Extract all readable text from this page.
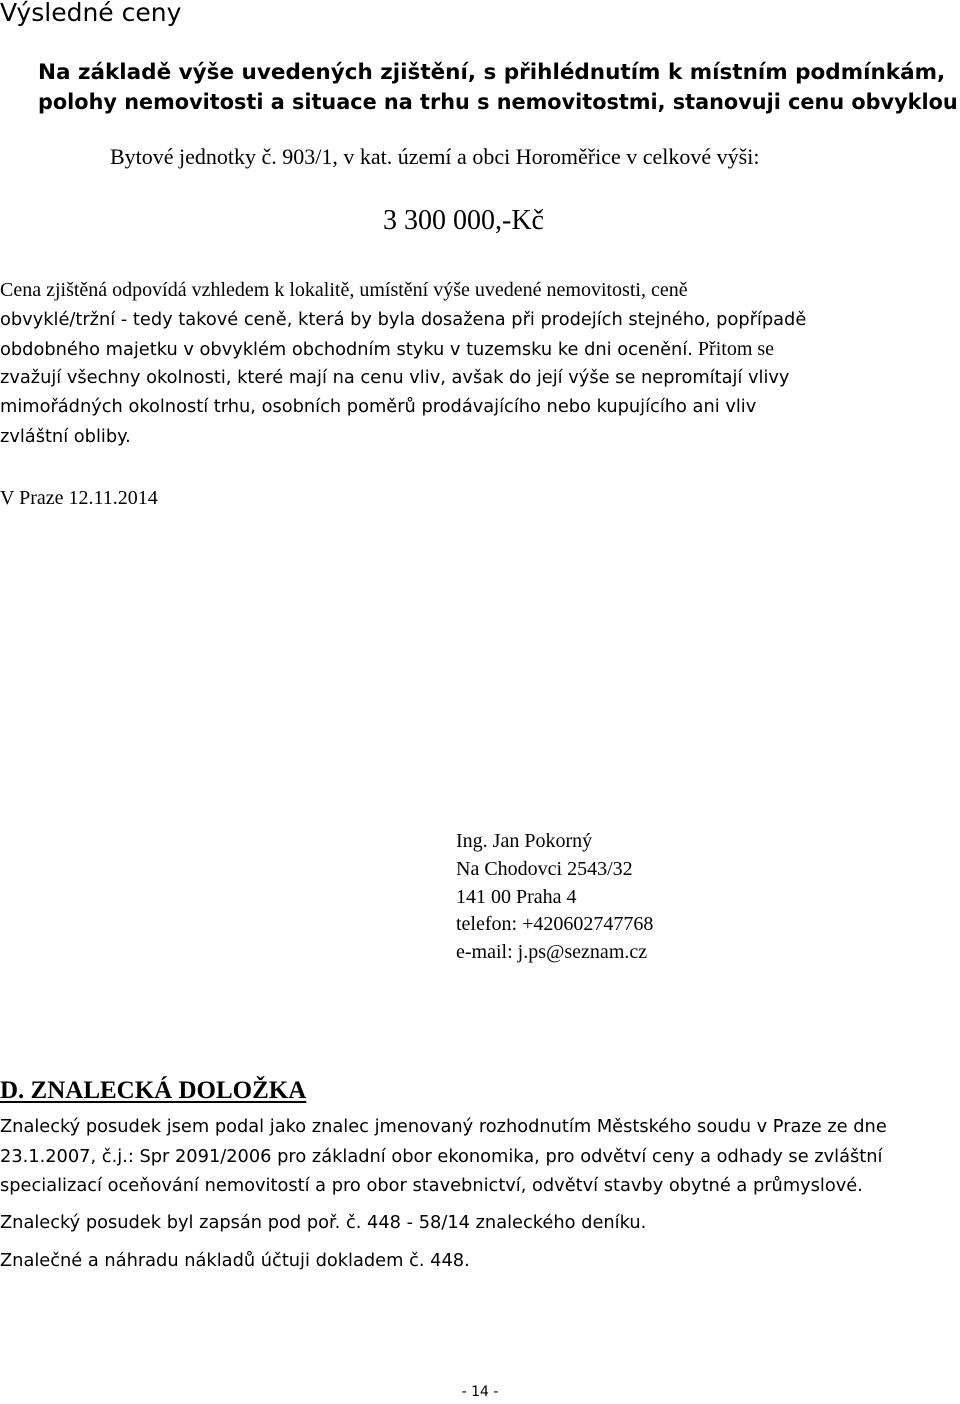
Výsledné ceny
Na základě výše uvedených zjištění, s přihlédnutím k místním podmínkám,
polohy nemovitosti a situace na trhu s nemovitostmi, stanovuji cenu obvyklou
Bytové jednotky č. 903/1, v kat. území a obci Horoměřice v celkové výši:
3 300 000,-Kč
Cena zjištěná odpovídá vzhledem k lokalitě, umístění výše uvedené nemovitosti, ceně
obvyklé/tržní - tedy takové ceně, která by byla dosažena při prodejích stejného, popřípadě
obdobného majetku v obvyklém obchodním styku v tuzemsku ke dni ocenění. Přitom se
zvažují všechny okolnosti, které mají na cenu vliv, avšak do její výše se nepromítají vlivy
mimořádných okolností trhu, osobních poměrů prodávajícího nebo kupujícího ani vliv
zvláštní obliby.
V Praze 12.11.2014
Ing. Jan Pokorný
Na Chodovci 2543/32
141 00 Praha 4
telefon: +420602747768
e-mail: j.ps@seznam.cz
D. ZNALECKÁ DOLOŽKA
Znalecký posudek jsem podal jako znalec jmenovaný rozhodnutím Městského soudu v Praze ze dne
23.1.2007, č.j.: Spr 2091/2006 pro základní obor ekonomika, pro odvětví ceny a odhady se zvláštní
specializací oceňování nemovitostí a pro obor stavebnictví, odvětví stavby obytné a průmyslové.
Znalecký posudek byl zapsán pod poř. č. 448 - 58/14 znaleckého deníku.
Znalečné a náhradu nákladů účtuji dokladem č. 448.
- 14 -
